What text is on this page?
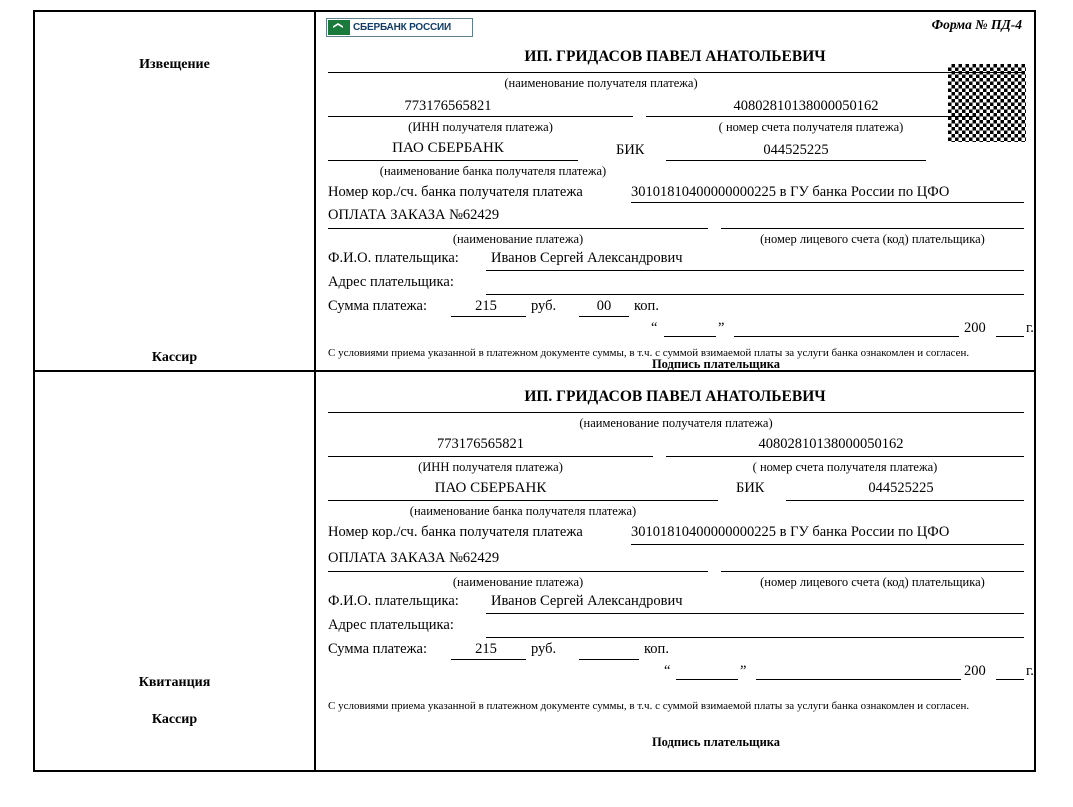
Извещение
Кассир
СБЕРБАНК РОССИИ	Форма № ПД-4
ИП. ГРИДАСОВ ПАВЕЛ АНАТОЛЬЕВИЧ
(наименование получателя платежа)
773176565821
(ИНН получателя платежа)
40802810138000050162
( номер счета получателя платежа)
ПАО СБЕРБАНК
(наименование банка получателя платежа)
БИК	044525225
Номер кор./сч. банка получателя платежа	30101810400000000225 в ГУ банка России по ЦФО
ОПЛАТА ЗАКАЗА №62429
(наименование платежа)	(номер лицевого счета (код) плательщика)
Ф.И.О. плательщика: Иванов Сергей Александрович
Адрес плательщика:
Сумма платежа:	215	руб.	00	коп.
“	”	200	г.
С условиями приема указанной в платежном документе суммы, в т.ч. с суммой взимаемой платы за услуги банка ознакомлен и согласен.
Подпись плательщика
Квитанция
Кассир
ИП. ГРИДАСОВ ПАВЕЛ АНАТОЛЬЕВИЧ
(наименование получателя платежа)
773176565821
(ИНН получателя платежа)
40802810138000050162
( номер счета получателя платежа)
ПАО СБЕРБАНК
(наименование банка получателя платежа)
БИК	044525225
Номер кор./сч. банка получателя платежа	30101810400000000225 в ГУ банка России по ЦФО
ОПЛАТА ЗАКАЗА №62429
(наименование платежа)	(номер лицевого счета (код) плательщика)
Ф.И.О. плательщика: Иванов Сергей Александрович
Адрес плательщика:
Сумма платежа:	215	руб.	коп.
“	”	200	г.
С условиями приема указанной в платежном документе суммы, в т.ч. с суммой взимаемой платы за услуги банка ознакомлен и согласен.
Подпись плательщика
